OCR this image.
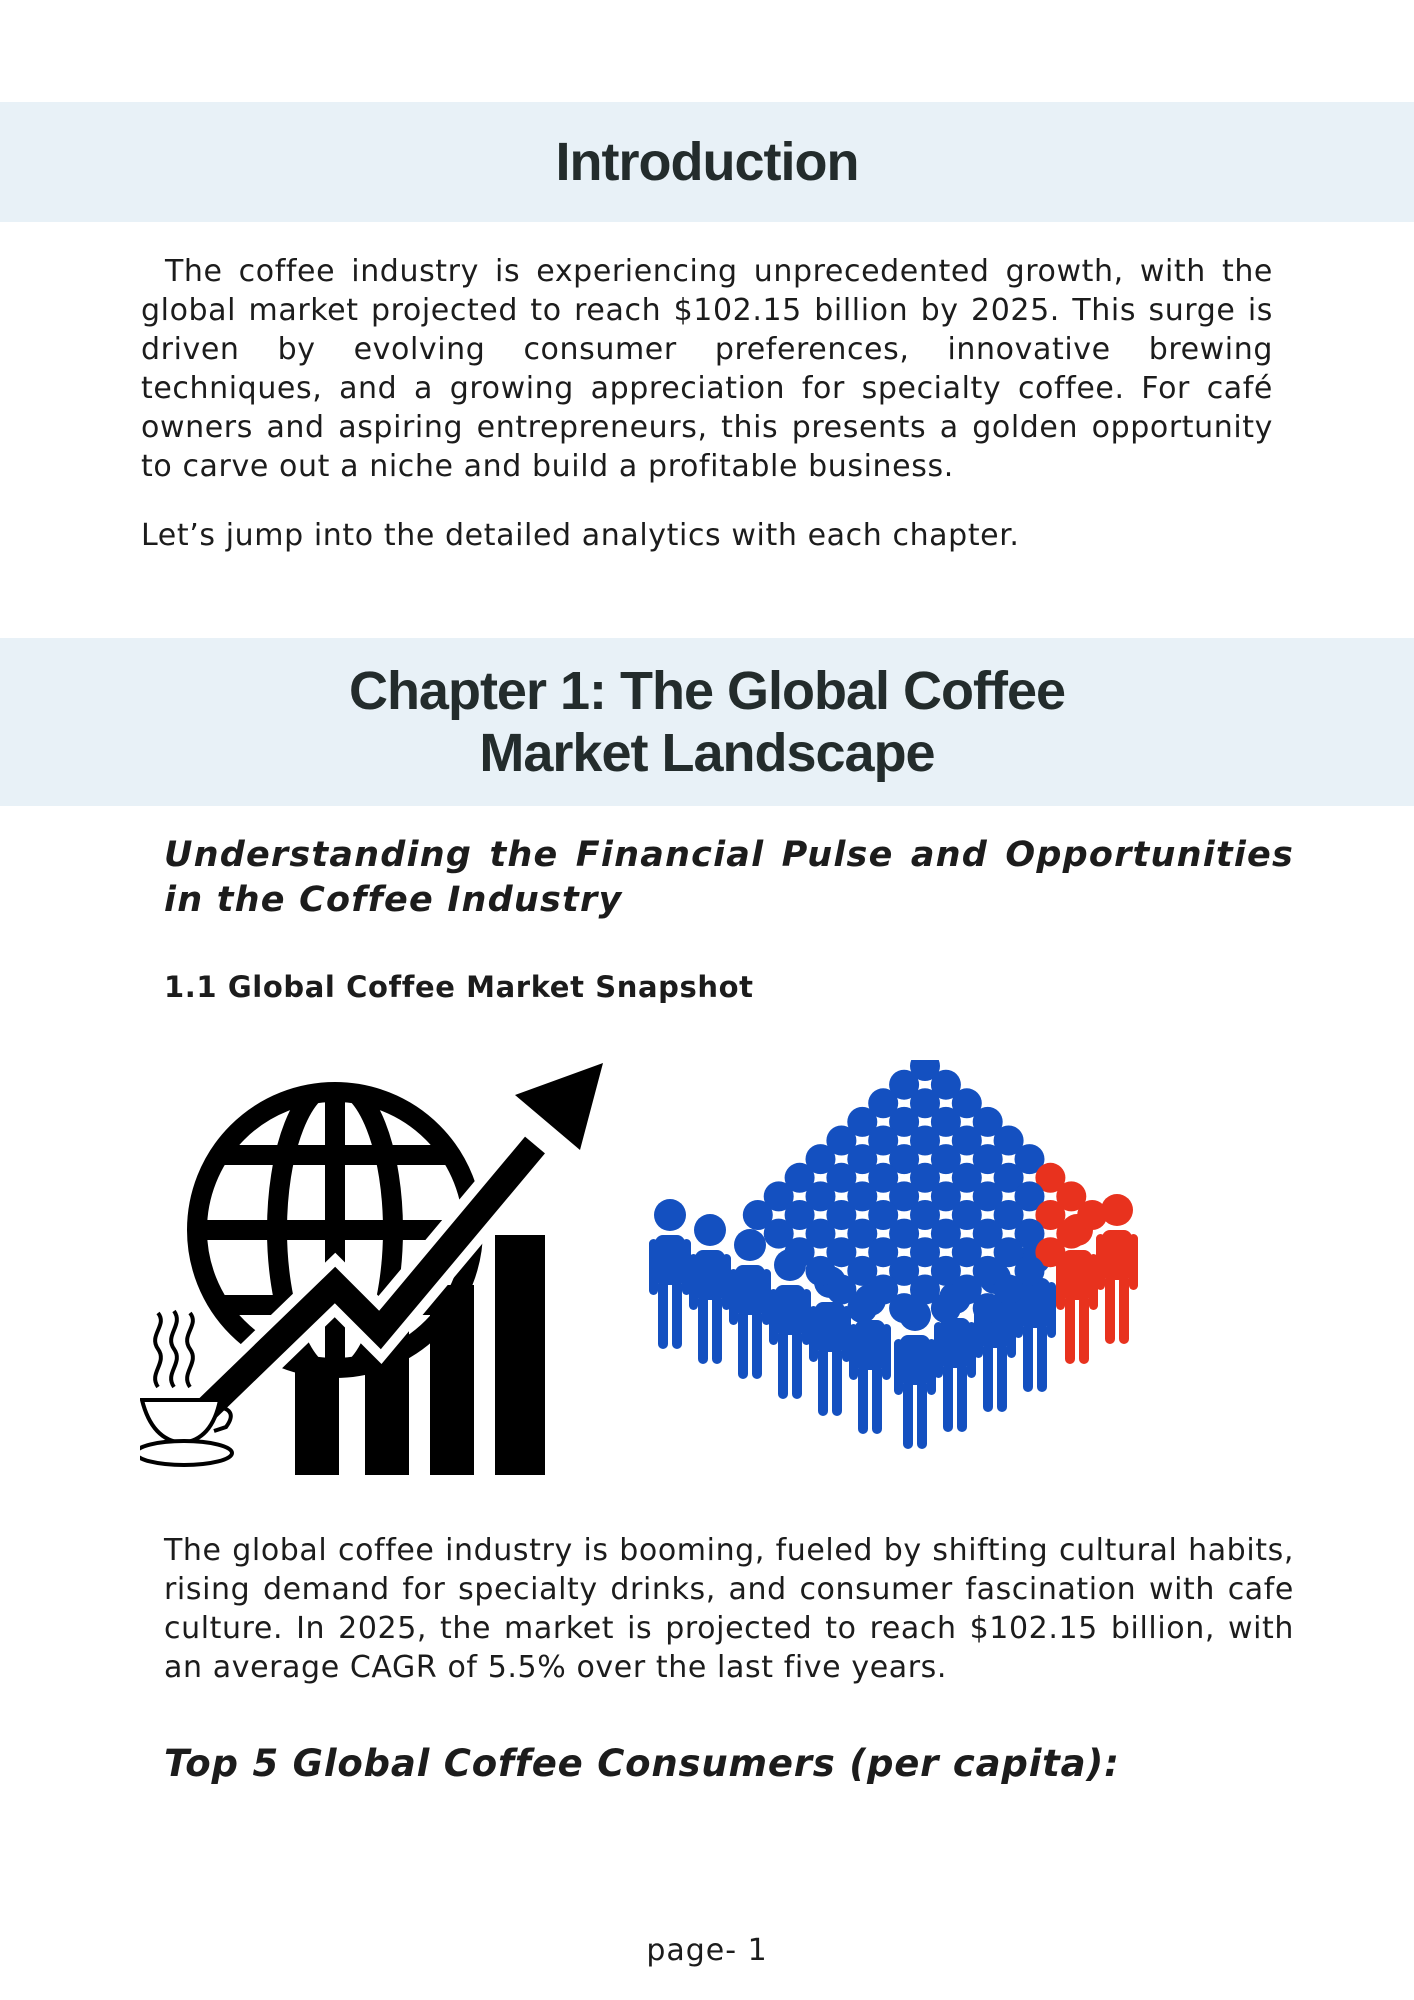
Introduction

The coffee industry is experiencing unprecedented growth, with the global market projected to reach $102.15 billion by 2025. This surge is driven by evolving consumer preferences, innovative brewing techniques, and a growing appreciation for specialty coffee. For café owners and aspiring entrepreneurs, this presents a golden opportunity to carve out a niche and build a profitable business.

Let’s jump into the detailed analytics with each chapter.

Chapter 1: The Global Coffee
Market Landscape

Understanding the Financial Pulse and Opportunities in the Coffee Industry

1.1 Global Coffee Market Snapshot

The global coffee industry is booming, fueled by shifting cultural habits, rising demand for specialty drinks, and consumer fascination with cafe culture. In 2025, the market is projected to reach $102.15 billion, with an average CAGR of 5.5% over the last five years.

Top 5 Global Coffee Consumers (per capita):
page- 1
